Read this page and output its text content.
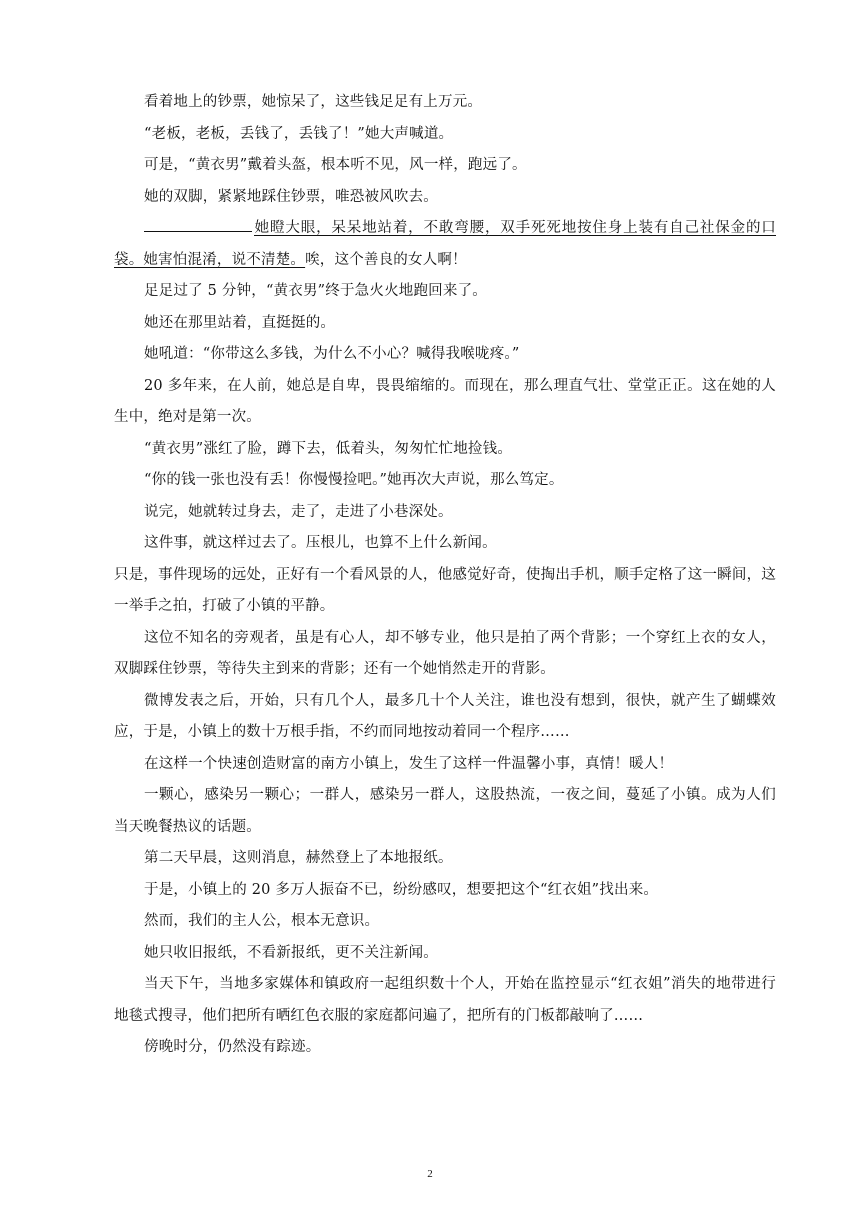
看着地上的钞票，她惊呆了，这些钱足足有上万元。

“老板，老板，丢钱了，丢钱了！”她大声喊道。

可是，“黄衣男”戴着头盔，根本听不见，风一样，跑远了。

她的双脚，紧紧地踩住钞票，唯恐被风吹去。

她瞪大眼，呆呆地站着，不敢弯腰，双手死死地按住身上装有自己社保金的口袋。她害怕混淆，说不清楚。唉，这个善良的女人啊！

足足过了 5 分钟，“黄衣男”终于急火火地跑回来了。

她还在那里站着，直挺挺的。

她吼道：“你带这么多钱，为什么不小心？喊得我喉咙疼。”

20 多年来，在人前，她总是自卑，畏畏缩缩的。而现在，那么理直气壮、堂堂正正。这在她的人生中，绝对是第一次。

“黄衣男”涨红了脸，蹲下去，低着头，匆匆忙忙地捡钱。

“你的钱一张也没有丢！你慢慢捡吧。”她再次大声说，那么笃定。

说完，她就转过身去，走了，走进了小巷深处。

这件事，就这样过去了。压根儿，也算不上什么新闻。

只是，事件现场的远处，正好有一个看风景的人，他感觉好奇，使掏出手机，顺手定格了这一瞬间，这一举手之拍，打破了小镇的平静。

这位不知名的旁观者，虽是有心人，却不够专业，他只是拍了两个背影；一个穿红上衣的女人，双脚踩住钞票，等待失主到来的背影；还有一个她悄然走开的背影。

微博发表之后，开始，只有几个人，最多几十个人关注，谁也没有想到，很快，就产生了蝴蝶效应，于是，小镇上的数十万根手指，不约而同地按动着同一个程序……

在这样一个快速创造财富的南方小镇上，发生了这样一件温馨小事，真情！暖人！

一颗心，感染另一颗心；一群人，感染另一群人，这股热流，一夜之间，蔓延了小镇。成为人们当天晚餐热议的话题。

第二天早晨，这则消息，赫然登上了本地报纸。

于是，小镇上的 20 多万人振奋不已，纷纷感叹，想要把这个“红衣姐”找出来。

然而，我们的主人公，根本无意识。

她只收旧报纸，不看新报纸，更不关注新闻。

当天下午，当地多家媒体和镇政府一起组织数十个人，开始在监控显示“红衣姐”消失的地带进行地毯式搜寻，他们把所有晒红色衣服的家庭都问遍了，把所有的门板都敲响了……

傍晚时分，仍然没有踪迹。

2
